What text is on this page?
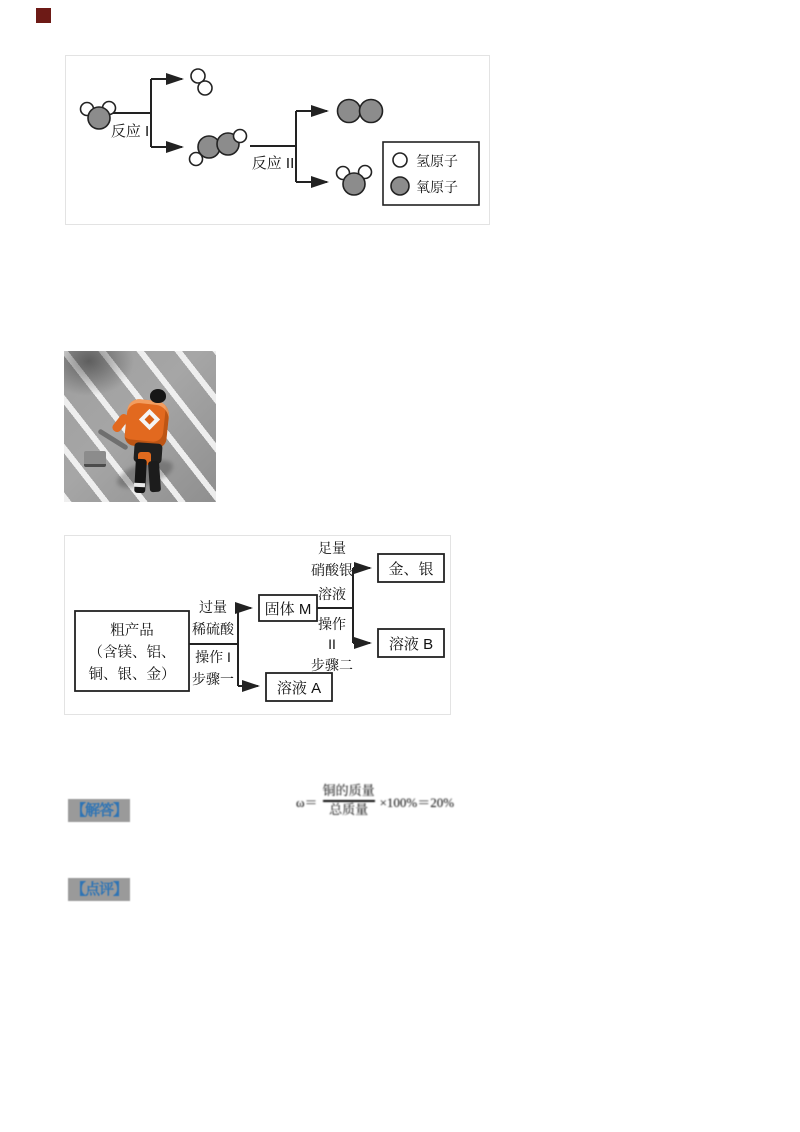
反应 I
反应 II	氢原子
氧原子
粗产品
（含镁、铝、
铜、银、金）
过量
稀硫酸
操作 I
步骤一
固体 M
溶液 A
足量
硝酸银
溶液
操作
II
步骤二
金、银
溶液 B
$\omega= \frac{\text{铜的质量}}{\text{总质量}} \times 100\%=20\%$
【解答】
【点评】
